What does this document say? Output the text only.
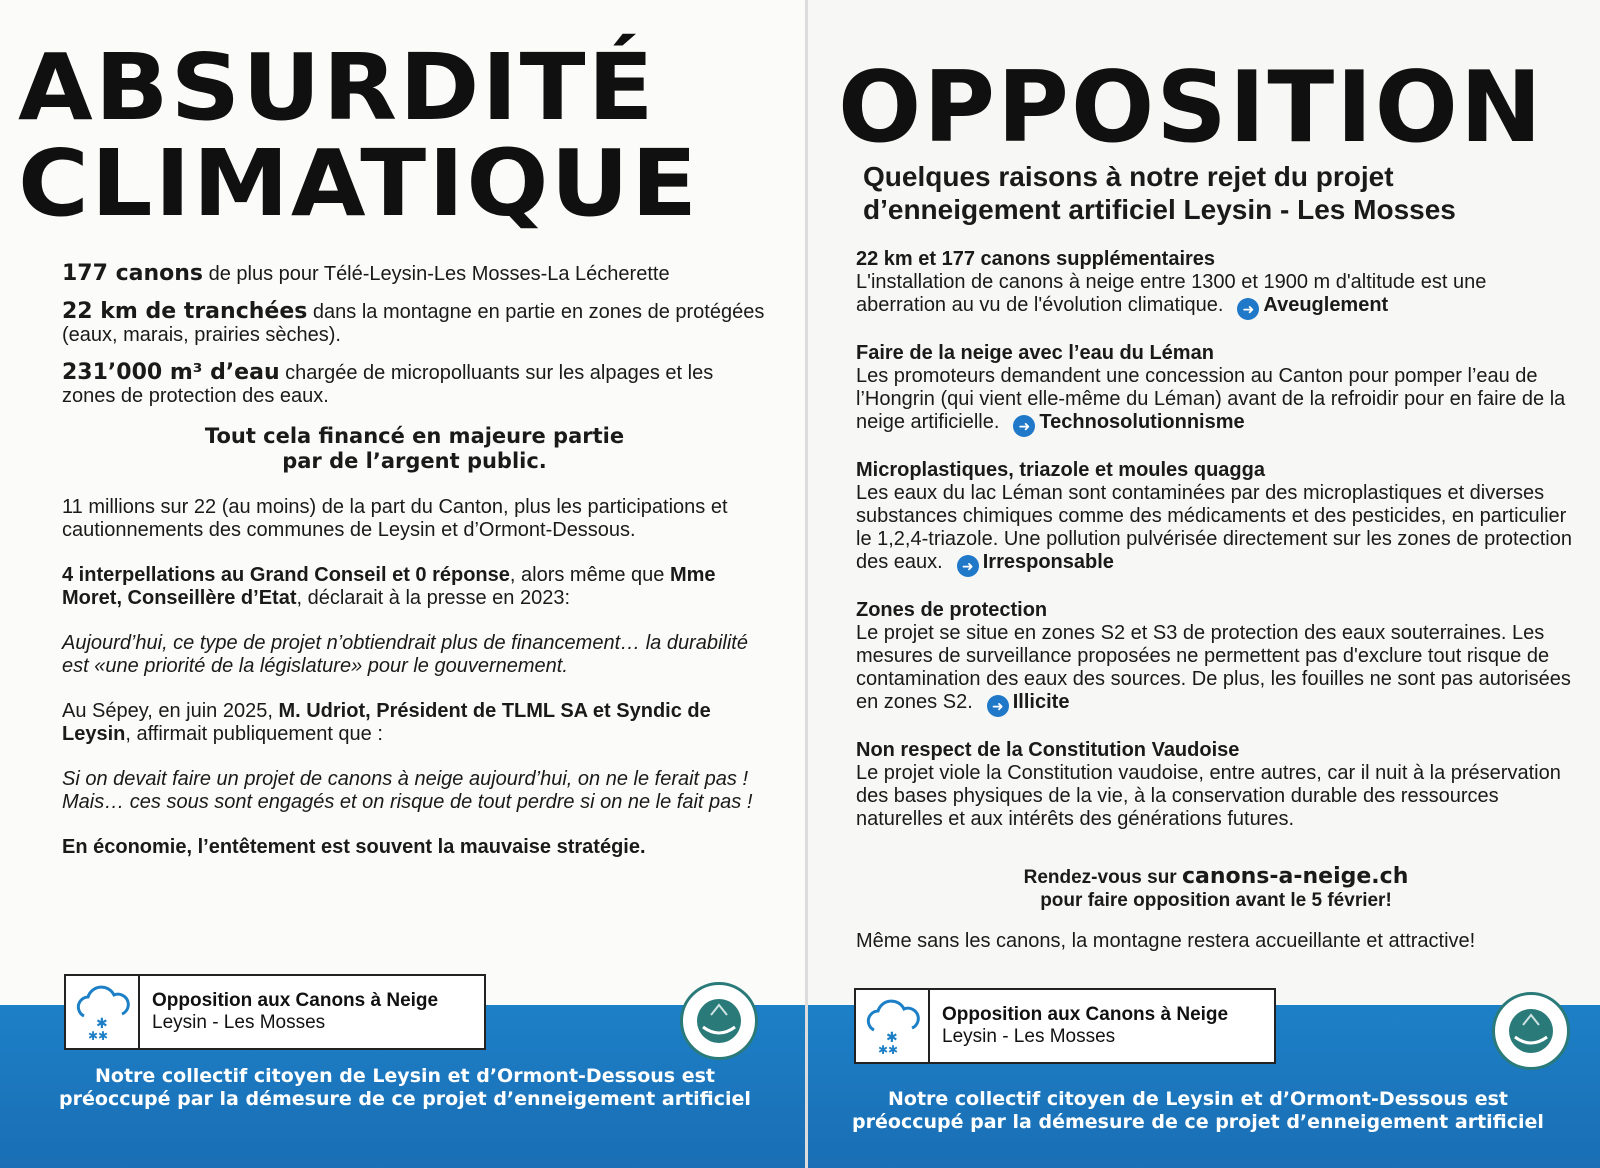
ABSURDITÉ
CLIMATIQUE

177 canons de plus pour Télé-Leysin-Les Mosses-La Lécherette

22 km de tranchées dans la montagne en partie en zones de protégées (eaux, marais, prairies sèches).

231’000 m³ d’eau chargée de micropolluants sur les alpages et les zones de protection des eaux.

Tout cela financé en majeure partie
par de l’argent public.

11 millions sur 22 (au moins) de la part du Canton, plus les participations et cautionnements des communes de Leysin et d’Ormont-Dessous.

4 interpellations au Grand Conseil et 0 réponse, alors même que Mme Moret, Conseillère d’Etat, déclarait à la presse en 2023:

Aujourd’hui, ce type de projet n’obtiendrait plus de financement… la durabilité est «une priorité de la législature» pour le gouvernement.

Au Sépey, en juin 2025, M. Udriot, Président de TLML SA et Syndic de Leysin, affirmait publiquement que :

Si on devait faire un projet de canons à neige aujourd’hui, on ne le ferait pas ! Mais… ces sous sont engagés et on risque de tout perdre si on ne le fait pas !

En économie, l’entêtement est souvent la mauvaise stratégie.

✱
✱✱
Opposition aux Canons à Neige
Leysin - Les Mosses
Notre collectif citoyen de Leysin et d’Ormont-Dessous est préoccupé par la démesure de ce projet d’enneigement artificiel
OPPOSITION
Quelques raisons à notre rejet du projet d’enneigement artificiel Leysin - Les Mosses

22 km et 177 canons supplémentaires

L'installation de canons à neige entre 1300 et 1900 m d'altitude est une aberration au vu de l'évolution climatique. ➜ Aveuglement

Faire de la neige avec l’eau du Léman

Les promoteurs demandent une concession au Canton pour pomper l’eau de l’Hongrin (qui vient elle-même du Léman) avant de la refroidir pour en faire de la neige artificielle. ➜ Technosolutionnisme

Microplastiques, triazole et moules quagga

Les eaux du lac Léman sont contaminées par des microplastiques et diverses substances chimiques comme des médicaments et des pesticides, en particulier le 1,2,4-triazole. Une pollution pulvérisée directement sur les zones de protection des eaux. ➜ Irresponsable

Zones de protection

Le projet se situe en zones S2 et S3 de protection des eaux souterraines. Les mesures de surveillance proposées ne permettent pas d'exclure tout risque de contamination des eaux des sources. De plus, les fouilles ne sont pas autorisées en zones S2. ➜ Illicite

Non respect de la Constitution Vaudoise

Le projet viole la Constitution vaudoise, entre autres, car il nuit à la préservation des bases physiques de la vie, à la conservation durable des ressources naturelles et aux intérêts des générations futures.

Rendez-vous sur canons-a-neige.ch
pour faire opposition avant le 5 février!

Même sans les canons, la montagne restera accueillante et attractive!

✱
✱✱
Opposition aux Canons à Neige
Leysin - Les Mosses
Notre collectif citoyen de Leysin et d’Ormont-Dessous est préoccupé par la démesure de ce projet d’enneigement artificiel
